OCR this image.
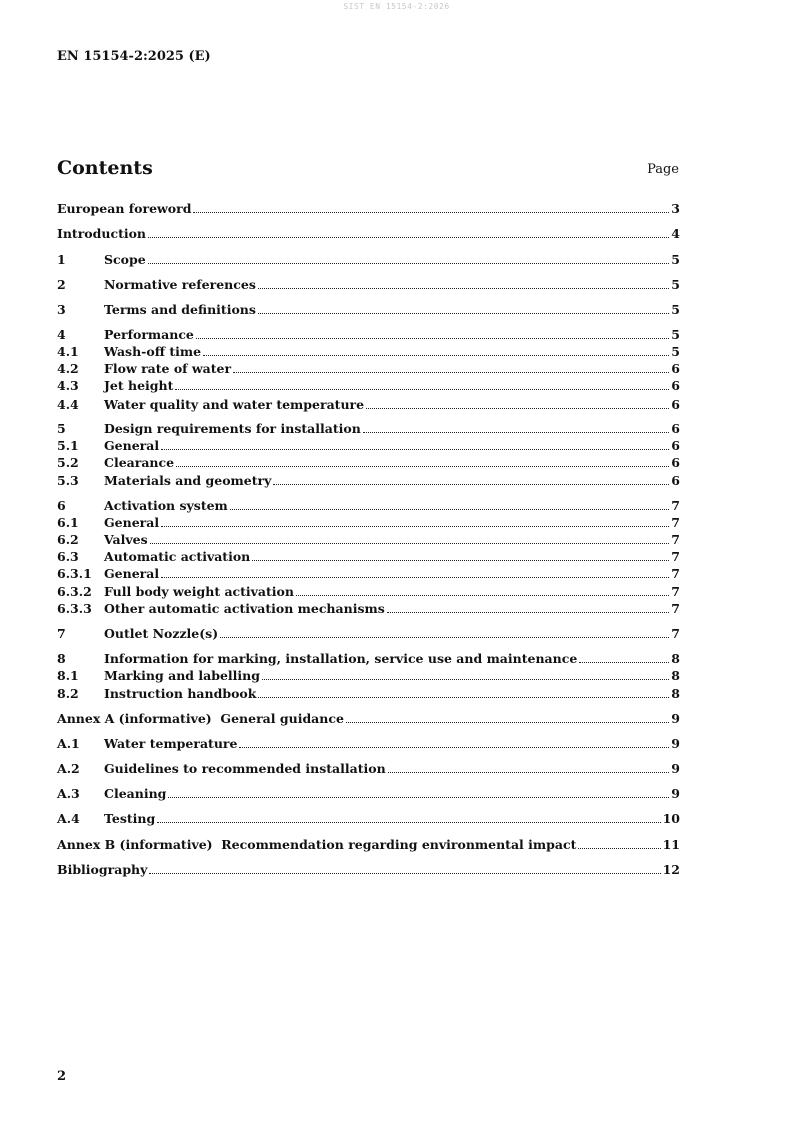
SIST EN 15154-2:2026
EN 15154-2:2025 (E)
Contents	Page
European foreword	3
Introduction	4
1	Scope	5
2	Normative references	5
3	Terms and definitions	5
4	Performance	5
4.1	Wash-off time	5
4.2	Flow rate of water	6
4.3	Jet height	6
4.4	Water quality and water temperature	6
5	Design requirements for installation	6
5.1	General	6
5.2	Clearance	6
5.3	Materials and geometry	6
6	Activation system	7
6.1	General	7
6.2	Valves	7
6.3	Automatic activation	7
6.3.1 General	7
6.3.2 Full body weight activation	7
6.3.3 Other automatic activation mechanisms	7
7	Outlet Nozzle(s)	7
8	Information for marking, installation, service use and maintenance	8
8.1	Marking and labelling	8
8.2	Instruction handbook	8
Annex A (informative)  General guidance	9
A.1	Water temperature	9
A.2	Guidelines to recommended installation	9
A.3	Cleaning	9
A.4	Testing	10
Annex B (informative)  Recommendation regarding environmental impact	11
Bibliography	12
2
